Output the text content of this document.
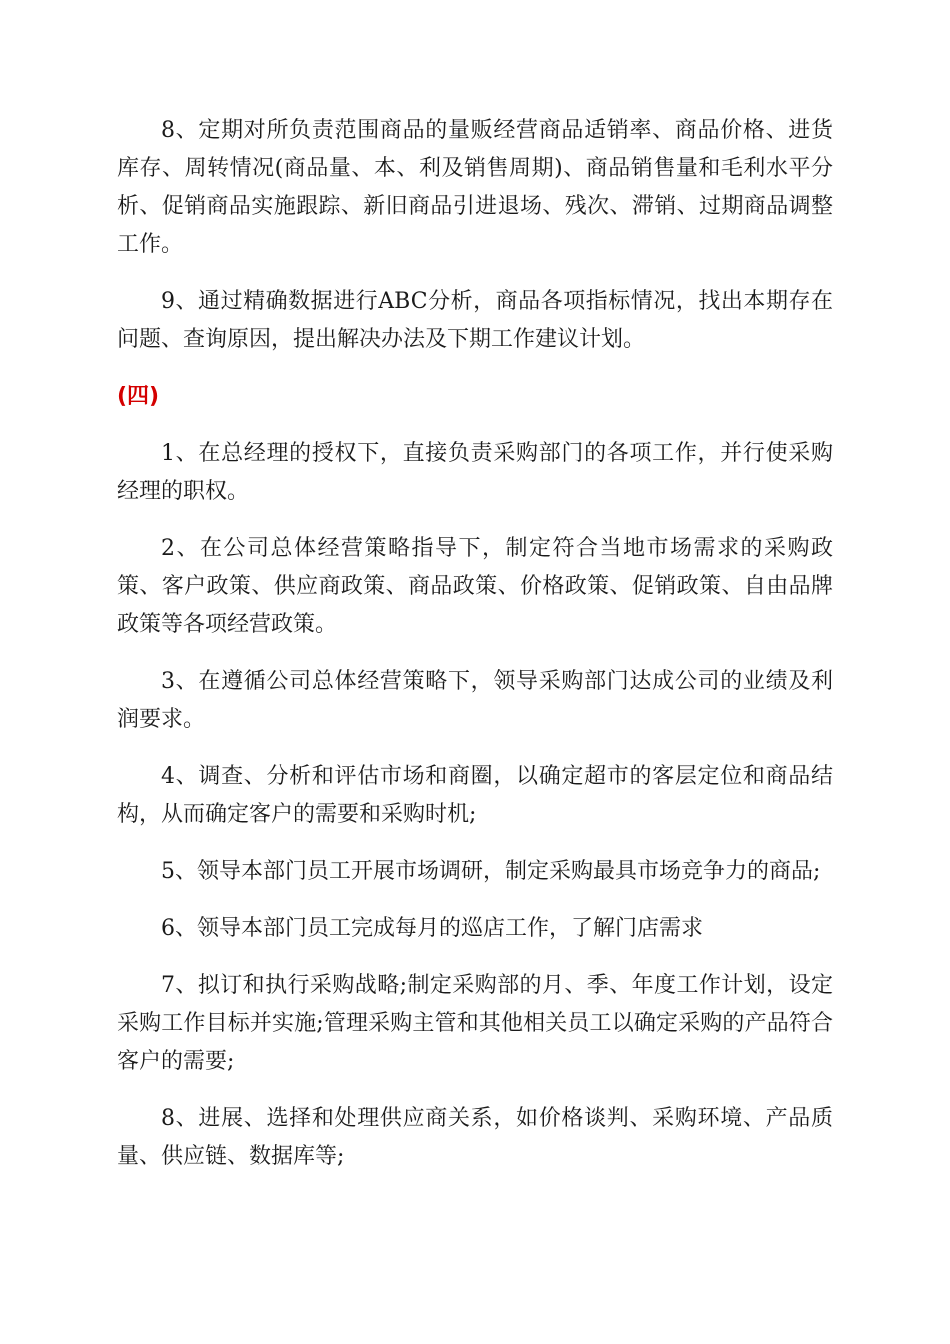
8、定期对所负责范围商品的量贩经营商品适销率、商品价格、进货库存、周转情况(商品量、本、利及销售周期)、商品销售量和毛利水平分析、促销商品实施跟踪、新旧商品引进退场、残次、滞销、过期商品调整工作。

9、通过精确数据进行ABC分析，商品各项指标情况，找出本期存在问题、查询原因，提出解决办法及下期工作建议计划。

(四)

1、在总经理的授权下，直接负责采购部门的各项工作，并行使采购经理的职权。

2、在公司总体经营策略指导下，制定符合当地市场需求的采购政策、客户政策、供应商政策、商品政策、价格政策、促销政策、自由品牌政策等各项经营政策。

3、在遵循公司总体经营策略下，领导采购部门达成公司的业绩及利润要求。

4、调查、分析和评估市场和商圈，以确定超市的客层定位和商品结构，从而确定客户的需要和采购时机;

5、领导本部门员工开展市场调研，制定采购最具市场竞争力的商品;

6、领导本部门员工完成每月的巡店工作，了解门店需求

7、拟订和执行采购战略;制定采购部的月、季、年度工作计划，设定采购工作目标并实施;管理采购主管和其他相关员工以确定采购的产品符合客户的需要;

8、进展、选择和处理供应商关系，如价格谈判、采购环境、产品质量、供应链、数据库等;
